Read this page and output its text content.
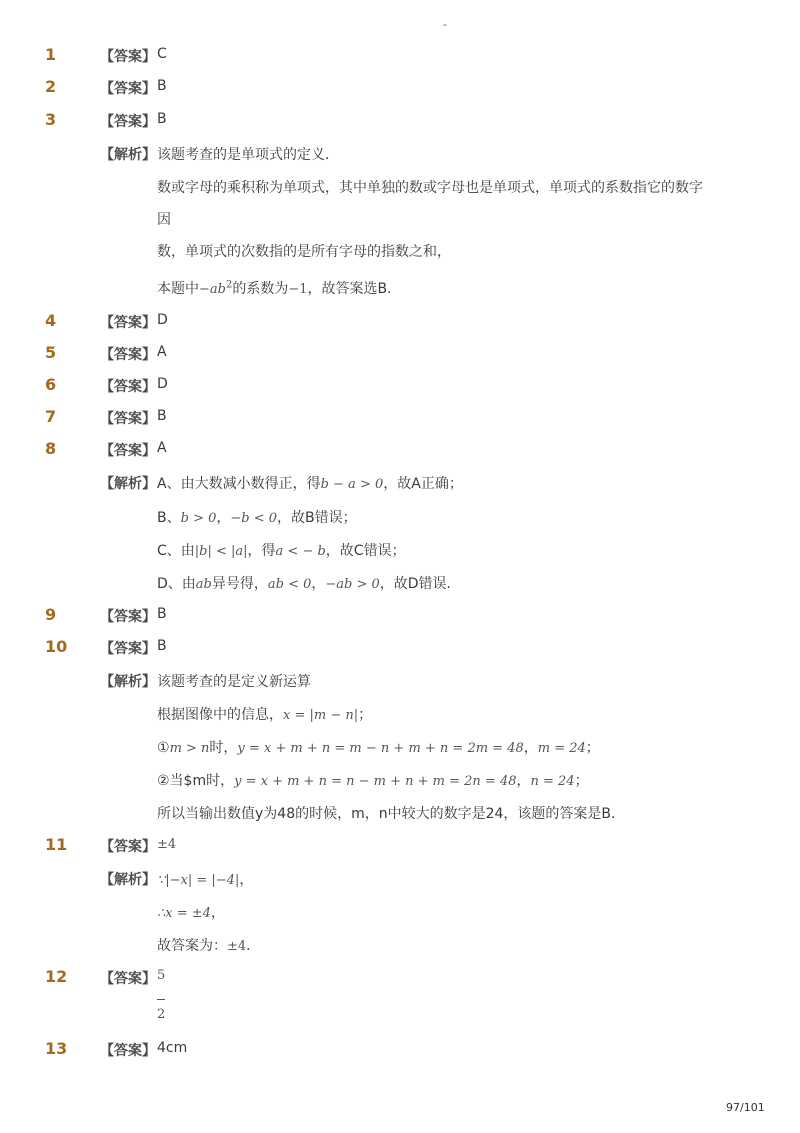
-
1	【答案】 C
2	【答案】 B
3	【答案】 B
【解析】 该题考查的是单项式的定义．
数或字母的乘积称为单项式，其中单独的数或字母也是单项式，单项式的系数指它的数字
因
数，单项式的次数指的是所有字母的指数之和，
本题中$-ab^2$的系数为−1，故答案选B．
4	【答案】 D
5	【答案】 A
6	【答案】 D
7	【答案】 B
8	【答案】 A
【解析】 A、由大数减小数得正，得b − a > 0，故A正确；
B、b > 0，−b < 0，故B错误；
C、由|b| < |a|，得a < − b，故C错误；
D、由ab异号得，ab < 0，−ab > 0，故D错误．
9	【答案】 B
10 【答案】 B
【解析】 该题考查的是定义新运算
根据图像中的信息，x = |m − n|；
①m > n时，y = x + m + n = m − n + m + n = 2m = 48，m = 24；
②当$m时，y = x + m + n = n − m + n + m = 2n = 48，n = 24；
所以当输出数值y为48的时候，m，n中较大的数字是24，该题的答案是B．
11 【答案】 ±4
【解析】 ∵|−x| = |−4|，
∴x = ±4，
故答案为：±4．
12 【答案】 5
2
13 【答案】 4cm
97/101
